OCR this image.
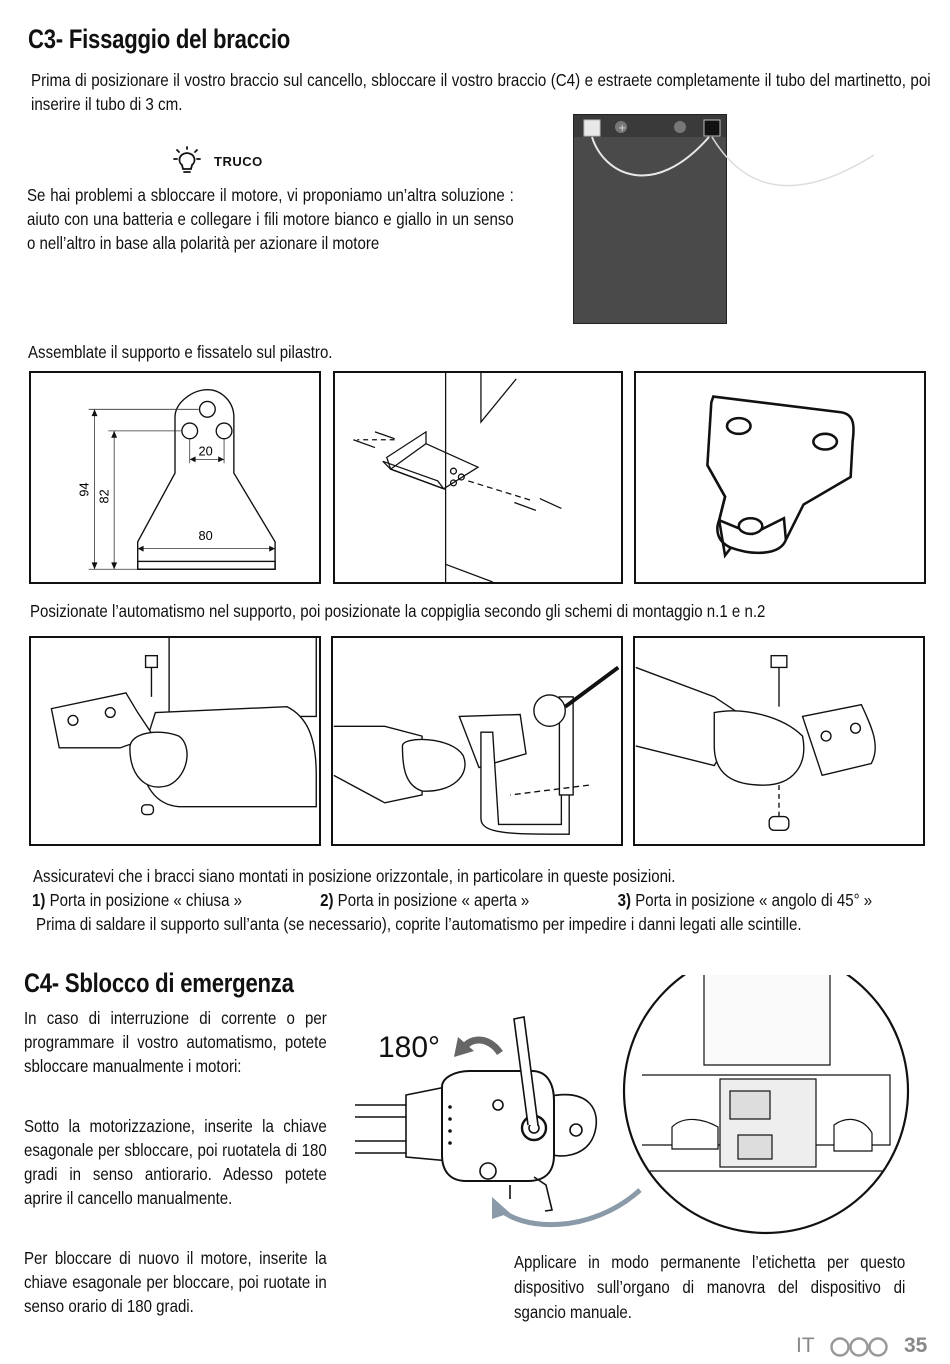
C3- Fissaggio del braccio
Prima di posizionare il vostro braccio sul cancello, sbloccare il vostro braccio (C4) e estraete completamente il tubo del martinetto, poi inserire il tubo di 3 cm.
TRUCO
Se hai problemi a sbloccare il motore, vi proponiamo un’altra soluzione : aiuto con una batteria e collegare i fili motore bianco e giallo in un senso o nell’altro in base alla polarità per azionare il motore
+
Assemblate il supporto e fissatelo sul pilastro.
94 82
20
80
Posizionate l’automatismo nel supporto, poi posizionate la coppiglia secondo gli schemi di montaggio n.1 e n.2
Assicuratevi che i bracci siano montati in posizione orizzontale, in particolare in queste posizioni.
1) Porta in posizione « chiusa »	2) Porta in posizione « aperta »	3) Porta in posizione « angolo di 45° »
Prima di saldare il supporto sull’anta (se necessario), coprite l’automatismo per impedire i danni legati alle scintille.
C4- Sblocco di emergenza
In caso di interruzione di corrente o per programmare il vostro automatismo, potete sbloccare manualmente i motori:
Sotto la motorizzazione, inserite la chiave esagonale per sbloccare, poi ruotatela di 180 gradi in senso antiorario. Adesso potete aprire il cancello manualmente.
Per bloccare di nuovo il motore, inserite la chiave esagonale per bloccare, poi ruotate in senso orario di 180 gradi.
180°
Applicare in modo permanente l’etichetta per questo dispositivo sull’organo di manovra del dispositivo di sgancio manuale.
IT	35
